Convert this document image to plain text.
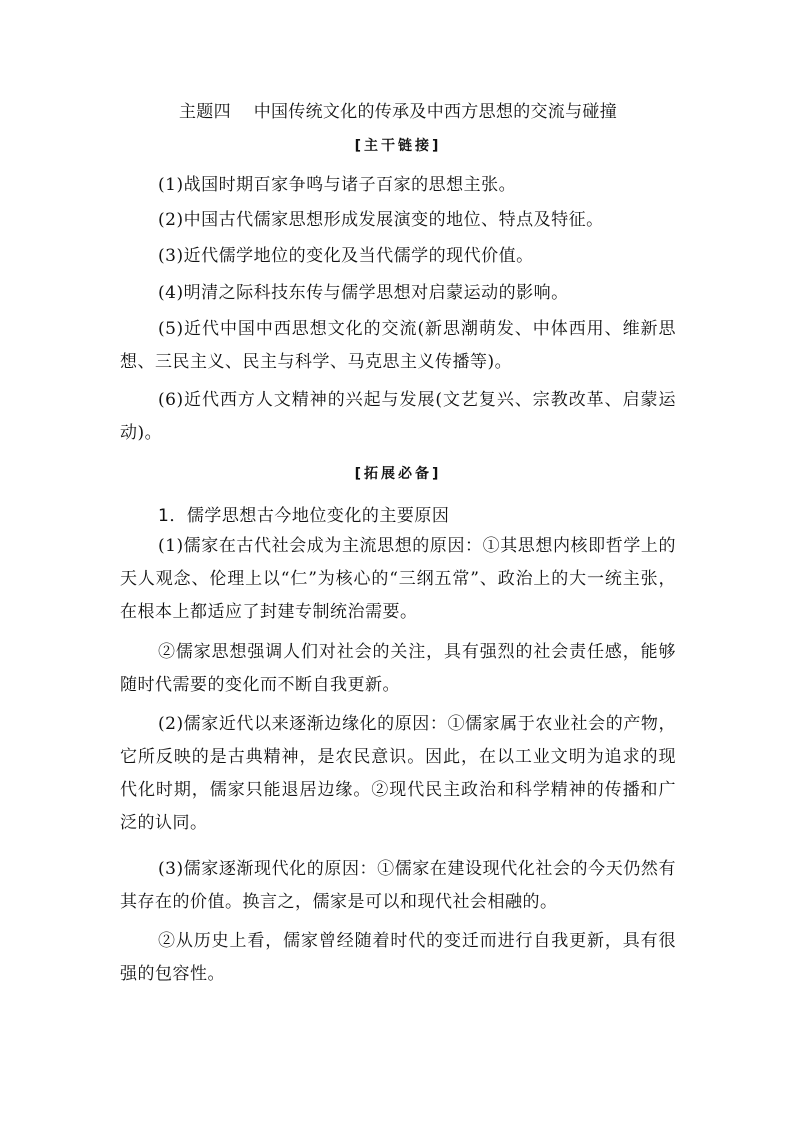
主题四    中国传统文化的传承及中西方思想的交流与碰撞
[主干链接]
(1)战国时期百家争鸣与诸子百家的思想主张。
(2)中国古代儒家思想形成发展演变的地位、特点及特征。
(3)近代儒学地位的变化及当代儒学的现代价值。
(4)明清之际科技东传与儒学思想对启蒙运动的影响。
(5)近代中国中西思想文化的交流(新思潮萌发、中体西用、维新思想、三民主义、民主与科学、马克思主义传播等)。
(6)近代西方人文精神的兴起与发展(文艺复兴、宗教改革、启蒙运动)。
[拓展必备]
1．儒学思想古今地位变化的主要原因
(1)儒家在古代社会成为主流思想的原因：①其思想内核即哲学上的天人观念、伦理上以“仁”为核心的“三纲五常”、政治上的大一统主张，在根本上都适应了封建专制统治需要。
②儒家思想强调人们对社会的关注，具有强烈的社会责任感，能够随时代需要的变化而不断自我更新。
(2)儒家近代以来逐渐边缘化的原因：①儒家属于农业社会的产物，它所反映的是古典精神，是农民意识。因此，在以工业文明为追求的现代化时期，儒家只能退居边缘。②现代民主政治和科学精神的传播和广泛的认同。
(3)儒家逐渐现代化的原因：①儒家在建设现代化社会的今天仍然有其存在的价值。换言之，儒家是可以和现代社会相融的。
②从历史上看，儒家曾经随着时代的变迁而进行自我更新，具有很强的包容性。
